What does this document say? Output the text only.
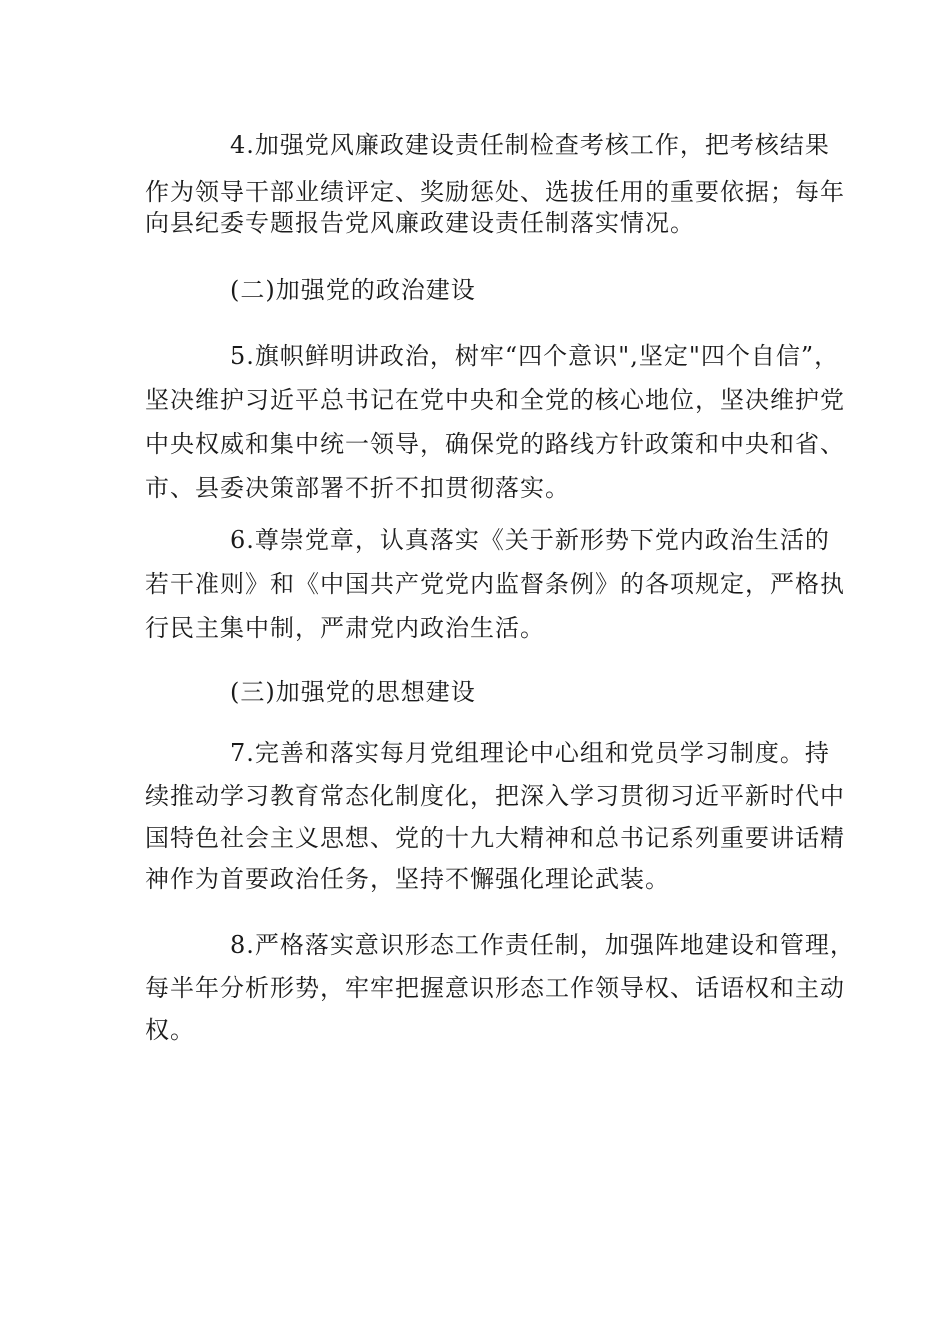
4.加强党风廉政建设责任制检查考核工作，把考核结果
作为领导干部业绩评定、奖励惩处、选拔任用的重要依据；每年
向县纪委专题报告党风廉政建设责任制落实情况。
(二)加强党的政治建设
5.旗帜鲜明讲政治，树牢“四个意识",坚定"四个自信”，
坚决维护习近平总书记在党中央和全党的核心地位，坚决维护党
中央权威和集中统一领导，确保党的路线方针政策和中央和省、
市、县委决策部署不折不扣贯彻落实。
6.尊崇党章，认真落实《关于新形势下党内政治生活的
若干准则》和《中国共产党党内监督条例》的各项规定，严格执
行民主集中制，严肃党内政治生活。
(三)加强党的思想建设
7.完善和落实每月党组理论中心组和党员学习制度。持
续推动学习教育常态化制度化，把深入学习贯彻习近平新时代中
国特色社会主义思想、党的十九大精神和总书记系列重要讲话精
神作为首要政治任务，坚持不懈强化理论武装。
8.严格落实意识形态工作责任制，加强阵地建设和管理，
每半年分析形势，牢牢把握意识形态工作领导权、话语权和主动
权。
